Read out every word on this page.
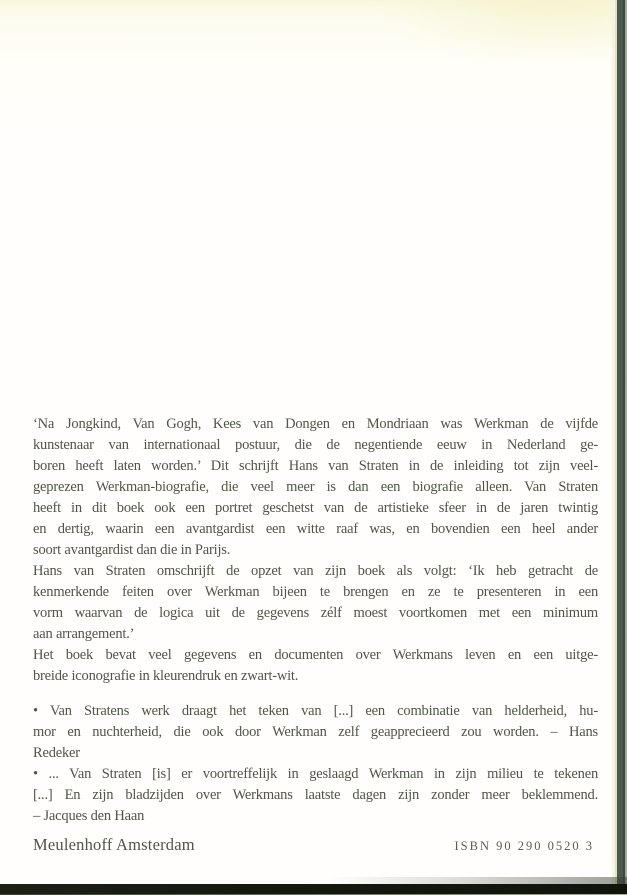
‘Na Jongkind, Van Gogh, Kees van Dongen en Mondriaan was Werkman de vijfde
kunstenaar van internationaal postuur, die de negentiende eeuw in Nederland ge-
boren heeft laten worden.’ Dit schrijft Hans van Straten in de inleiding tot zijn veel-
geprezen Werkman-biografie, die veel meer is dan een biografie alleen. Van Straten
heeft in dit boek ook een portret geschetst van de artistieke sfeer in de jaren twintig
en dertig, waarin een avantgardist een witte raaf was, en bovendien een heel ander
soort avantgardist dan die in Parijs.
Hans van Straten omschrijft de opzet van zijn boek als volgt: ‘Ik heb getracht de
kenmerkende feiten over Werkman bijeen te brengen en ze te presenteren in een
vorm waarvan de logica uit de gegevens zélf moest voortkomen met een minimum
aan arrangement.’
Het boek bevat veel gegevens en documenten over Werkmans leven en een uitge-
breide iconografie in kleurendruk en zwart-wit.
• Van Stratens werk draagt het teken van [...] een combinatie van helderheid, hu-
mor en nuchterheid, die ook door Werkman zelf geapprecieerd zou worden. – Hans
Redeker
• ... Van Straten [is] er voortreffelijk in geslaagd Werkman in zijn milieu te tekenen
[...] En zijn bladzijden over Werkmans laatste dagen zijn zonder meer beklemmend.
– Jacques den Haan
Meulenhoff Amsterdam	ISBN 90 290 0520 3
